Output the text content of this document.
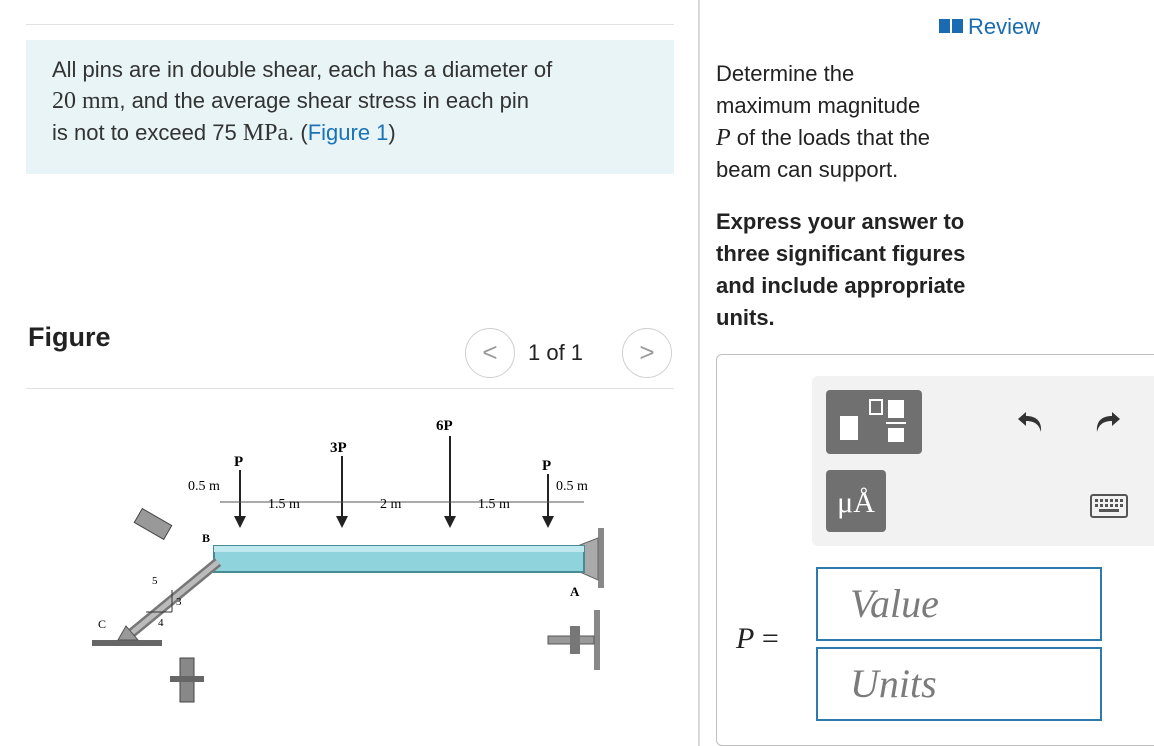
All pins are in double shear, each has a diameter of
20 mm, and the average shear stress in each pin
is not to exceed 75 MPa. (Figure 1)
Figure	<	1 of 1	>
5
3
4
P
3P
6P
P
0.5 m
1.5 m	2 m	1.5 m
0.5 m
B
A
C
Review
Determine the
maximum magnitude
P of the loads that the
beam can support.
Express your answer to three significant figures and include appropriate units.
μÅ
P =
Value
Units
